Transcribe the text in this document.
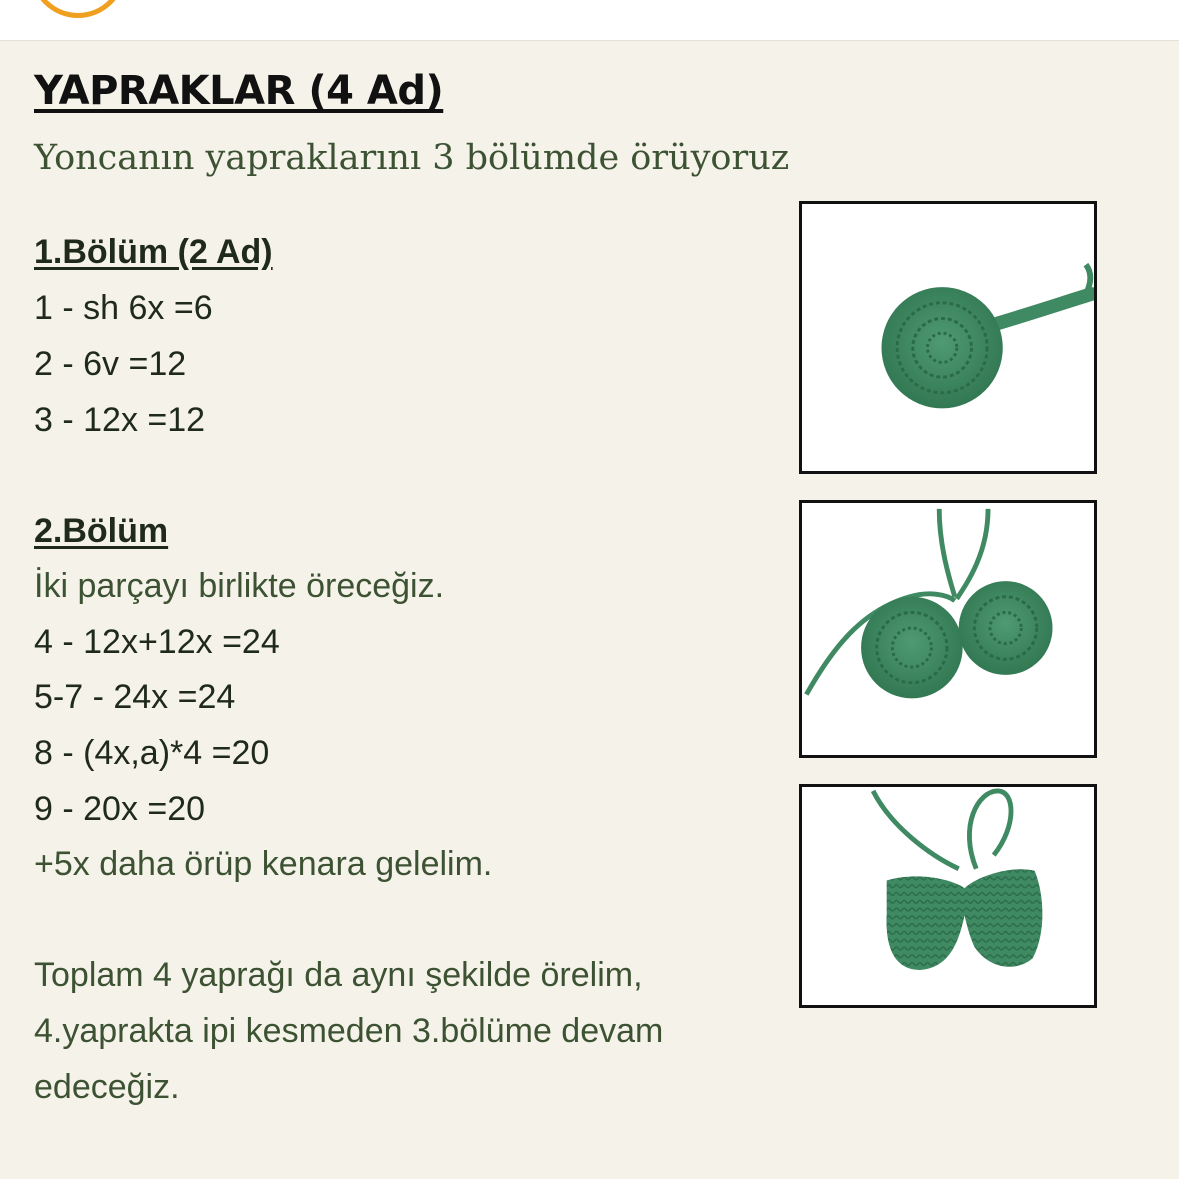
YAPRAKLAR (4 Ad)

Yoncanın yapraklarını 3 bölümde örüyoruz

1.Bölüm (2 Ad)

1 - sh 6x =6

2 - 6v =12

3 - 12x =12

2.Bölüm

İki parçayı birlikte öreceğiz.

4 - 12x+12x =24

5-7 - 24x =24

8 - (4x,a)*4 =20

9 - 20x =20

+5x daha örüp kenara gelelim.

Toplam 4 yaprağı da aynı şekilde örelim,

4.yaprakta ipi kesmeden 3.bölüme devam

edeceğiz.
